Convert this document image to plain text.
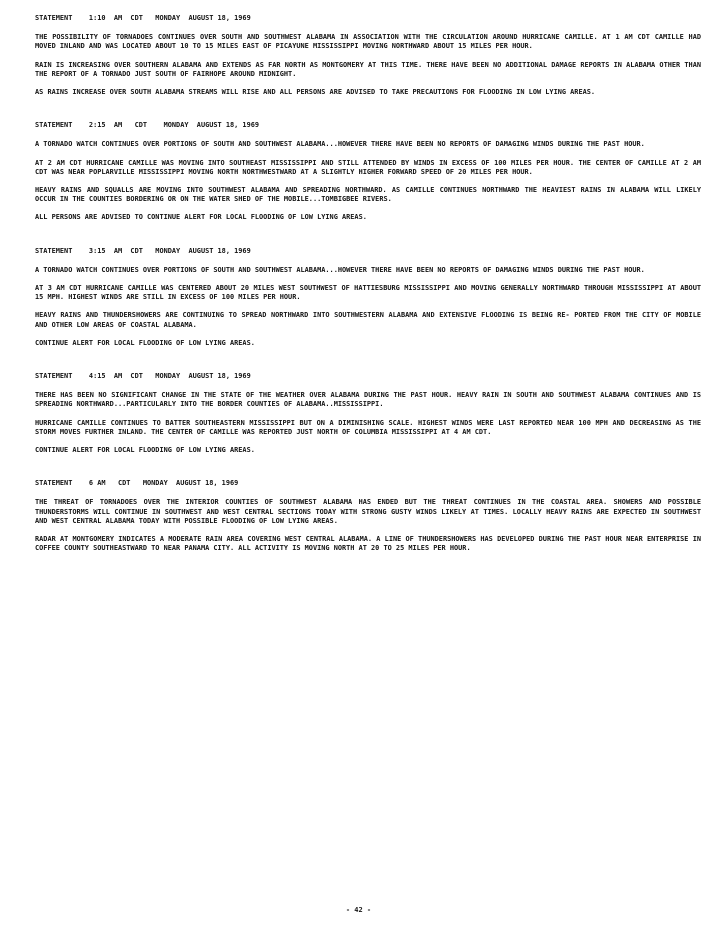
STATEMENT    1:10  AM  CDT   MONDAY  AUGUST 18, 1969

THE POSSIBILITY OF TORNADOES CONTINUES OVER SOUTH AND SOUTHWEST ALABAMA IN ASSOCIATION WITH THE CIRCULATION AROUND HURRICANE CAMILLE. AT 1 AM CDT CAMILLE HAD MOVED INLAND AND WAS LOCATED ABOUT 10 TO 15 MILES EAST OF PICAYUNE MISSISSIPPI MOVING NORTHWARD ABOUT 15 MILES PER HOUR.

RAIN IS INCREASING OVER SOUTHERN ALABAMA AND EXTENDS AS FAR NORTH AS MONTGOMERY AT THIS TIME. THERE HAVE BEEN NO ADDITIONAL DAMAGE REPORTS IN ALABAMA OTHER THAN THE REPORT OF A TORNADO JUST SOUTH OF FAIRHOPE AROUND MIDNIGHT.

AS RAINS INCREASE OVER SOUTH ALABAMA STREAMS WILL RISE AND ALL PERSONS ARE ADVISED TO TAKE PRECAUTIONS FOR FLOODING IN LOW LYING AREAS.

STATEMENT    2:15  AM   CDT    MONDAY  AUGUST 18, 1969

A TORNADO WATCH CONTINUES OVER PORTIONS OF SOUTH AND SOUTHWEST ALABAMA...HOWEVER THERE HAVE BEEN NO REPORTS OF DAMAGING WINDS DURING THE PAST HOUR.

AT 2 AM CDT HURRICANE CAMILLE WAS MOVING INTO SOUTHEAST MISSISSIPPI AND STILL ATTENDED BY WINDS IN EXCESS OF 100 MILES PER HOUR. THE CENTER OF CAMILLE AT 2 AM CDT WAS NEAR POPLARVILLE MISSISSIPPI MOVING NORTH NORTHWESTWARD AT A SLIGHTLY HIGHER FORWARD SPEED OF 20 MILES PER HOUR.

HEAVY RAINS AND SQUALLS ARE MOVING INTO SOUTHWEST ALABAMA AND SPREADING NORTHWARD. AS CAMILLE CONTINUES NORTHWARD THE HEAVIEST RAINS IN ALABAMA WILL LIKELY OCCUR IN THE COUNTIES BORDERING OR ON THE WATER SHED OF THE MOBILE...TOMBIGBEE RIVERS.

ALL PERSONS ARE ADVISED TO CONTINUE ALERT FOR LOCAL FLOODING OF LOW LYING AREAS.

STATEMENT    3:15  AM  CDT   MONDAY  AUGUST 18, 1969

A TORNADO WATCH CONTINUES OVER PORTIONS OF SOUTH AND SOUTHWEST ALABAMA...HOWEVER THERE HAVE BEEN NO REPORTS OF DAMAGING WINDS DURING THE PAST HOUR.

AT 3 AM CDT HURRICANE CAMILLE WAS CENTERED ABOUT 20 MILES WEST SOUTHWEST OF HATTIESBURG MISSISSIPPI AND MOVING GENERALLY NORTHWARD THROUGH MISSISSIPPI AT ABOUT 15 MPH. HIGHEST WINDS ARE STILL IN EXCESS OF 100 MILES PER HOUR.

HEAVY RAINS AND THUNDERSHOWERS ARE CONTINUING TO SPREAD NORTHWARD INTO SOUTHWESTERN ALABAMA AND EXTENSIVE FLOODING IS BEING RE- PORTED FROM THE CITY OF MOBILE AND OTHER LOW AREAS OF COASTAL ALABAMA.

CONTINUE ALERT FOR LOCAL FLOODING OF LOW LYING AREAS.

STATEMENT    4:15  AM  CDT   MONDAY  AUGUST 18, 1969

THERE HAS BEEN NO SIGNIFICANT CHANGE IN THE STATE OF THE WEATHER OVER ALABAMA DURING THE PAST HOUR. HEAVY RAIN IN SOUTH AND SOUTHWEST ALABAMA CONTINUES AND IS SPREADING NORTHWARD...PARTICULARLY INTO THE BORDER COUNTIES OF ALABAMA..MISSISSIPPI.

HURRICANE CAMILLE CONTINUES TO BATTER SOUTHEASTERN MISSISSIPPI BUT ON A DIMINISHING SCALE. HIGHEST WINDS WERE LAST REPORTED NEAR 100 MPH AND DECREASING AS THE STORM MOVES FURTHER INLAND. THE CENTER OF CAMILLE WAS REPORTED JUST NORTH OF COLUMBIA MISSISSIPPI AT 4 AM CDT.

CONTINUE ALERT FOR LOCAL FLOODING OF LOW LYING AREAS.

STATEMENT    6 AM   CDT   MONDAY  AUGUST 18, 1969

THE THREAT OF TORNADOES OVER THE INTERIOR COUNTIES OF SOUTHWEST ALABAMA HAS ENDED BUT THE THREAT CONTINUES IN THE COASTAL AREA. SHOWERS AND POSSIBLE THUNDERSTORMS WILL CONTINUE IN SOUTHWEST AND WEST CENTRAL SECTIONS TODAY WITH STRONG GUSTY WINDS LIKELY AT TIMES. LOCALLY HEAVY RAINS ARE EXPECTED IN SOUTHWEST AND WEST CENTRAL ALABAMA TODAY WITH POSSIBLE FLOODING OF LOW LYING AREAS.

RADAR AT MONTGOMERY INDICATES A MODERATE RAIN AREA COVERING WEST CENTRAL ALABAMA. A LINE OF THUNDERSHOWERS HAS DEVELOPED DURING THE PAST HOUR NEAR ENTERPRISE IN COFFEE COUNTY SOUTHEASTWARD TO NEAR PANAMA CITY. ALL ACTIVITY IS MOVING NORTH AT 20 TO 25 MILES PER HOUR.

- 42 -
